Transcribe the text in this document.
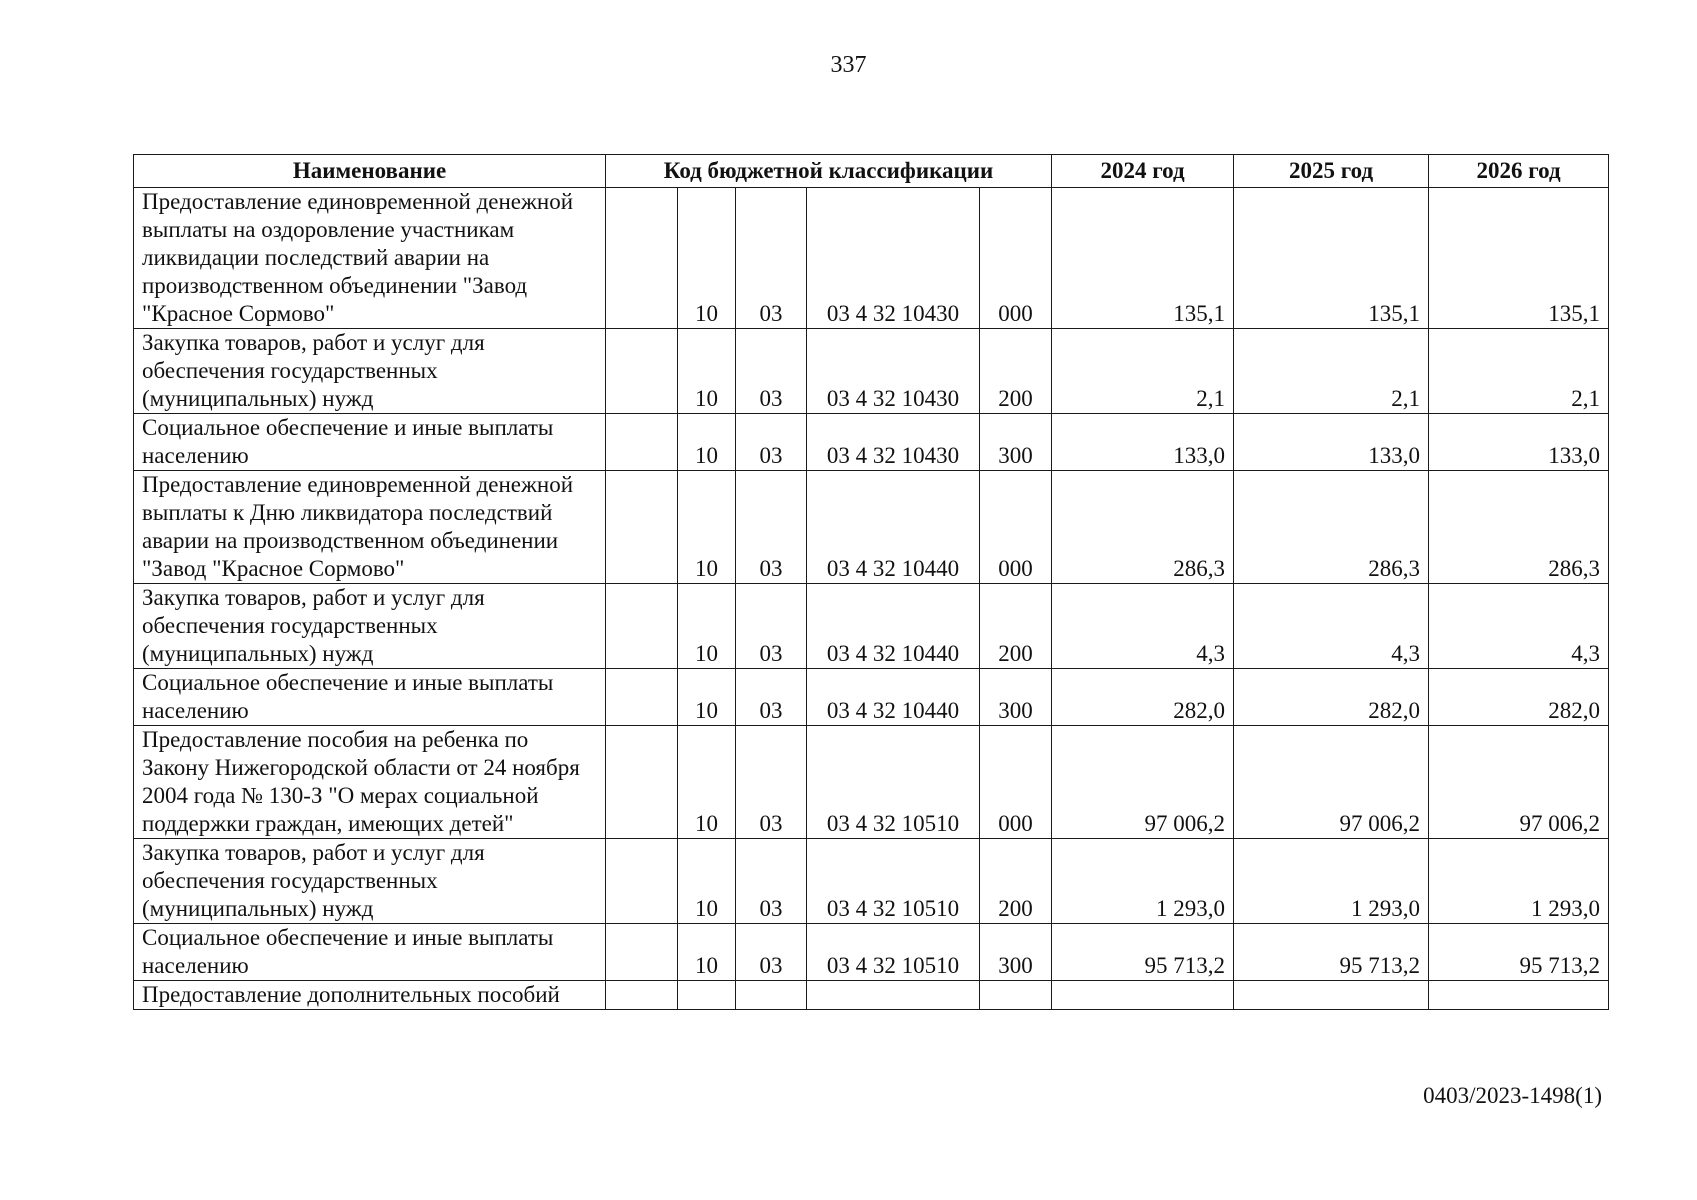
337
Наименование	Код бюджетной классификации					2024 год	2025 год	2026 год
Предоставление единовременной денежной выплаты на оздоровление участникам ликвидации последствий аварии на производственном объединении "Завод "Красное Сормово"		10	03	03 4 32 10430	000	135,1	135,1	135,1
Закупка товаров, работ и услуг для обеспечения государственных (муниципальных) нужд		10	03	03 4 32 10430	200	2,1	2,1	2,1
Социальное обеспечение и иные выплаты населению		10	03	03 4 32 10430	300	133,0	133,0	133,0
Предоставление единовременной денежной выплаты к Дню ликвидатора последствий аварии на производственном объединении "Завод "Красное Сормово"		10	03	03 4 32 10440	000	286,3	286,3	286,3
Закупка товаров, работ и услуг для обеспечения государственных (муниципальных) нужд		10	03	03 4 32 10440	200	4,3	4,3	4,3
Социальное обеспечение и иные выплаты населению		10	03	03 4 32 10440	300	282,0	282,0	282,0
Предоставление пособия на ребенка по Закону Нижегородской области от 24 ноября 2004 года № 130-З "О мерах социальной поддержки граждан, имеющих детей"		10	03	03 4 32 10510	000	97 006,2	97 006,2	97 006,2
Закупка товаров, работ и услуг для обеспечения государственных (муниципальных) нужд		10	03	03 4 32 10510	200	1 293,0	1 293,0	1 293,0
Социальное обеспечение и иные выплаты населению		10	03	03 4 32 10510	300	95 713,2	95 713,2	95 713,2
Предоставление дополнительных пособий								
0403/2023-1498(1)
